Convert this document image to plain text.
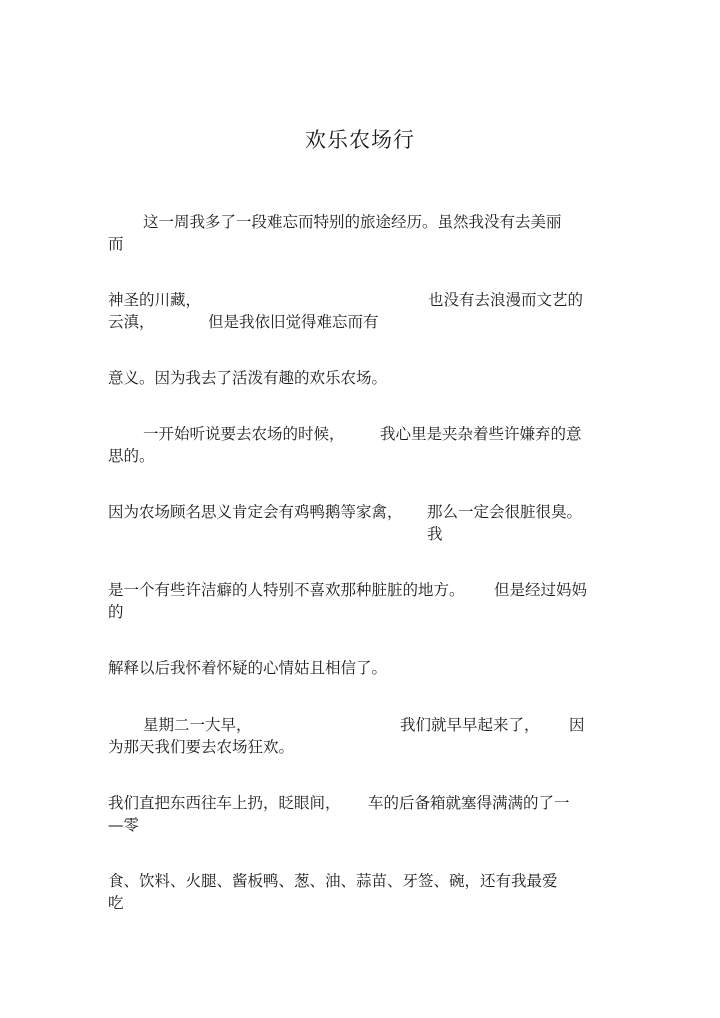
欢乐农场行
这一周我多了一段难忘而特别的旅途经历。虽然我没有去美丽
而
神圣的川藏，	也没有去浪漫而文艺的
云滇，	但是我依旧觉得难忘而有
意义。因为我去了活泼有趣的欢乐农场。
一开始听说要去农场的时候， 我心里是夹杂着些许嫌弃的意
思的。
因为农场顾名思义肯定会有鸡鸭鹅等家禽， 那么一定会很脏很臭。
我
是一个有些许洁癖的人特别不喜欢那种脏脏的地方。 但是经过妈妈
的
解释以后我怀着怀疑的心情姑且相信了。
星期二一大早，	我们就早早起来了， 因
为那天我们要去农场狂欢。
我们直把东西往车上扔，眨眼间， 车的后备箱就塞得满满的了一
—零
食、饮料、火腿、酱板鸭、葱、油、蒜苗、牙签、碗，还有我最爱
吃
